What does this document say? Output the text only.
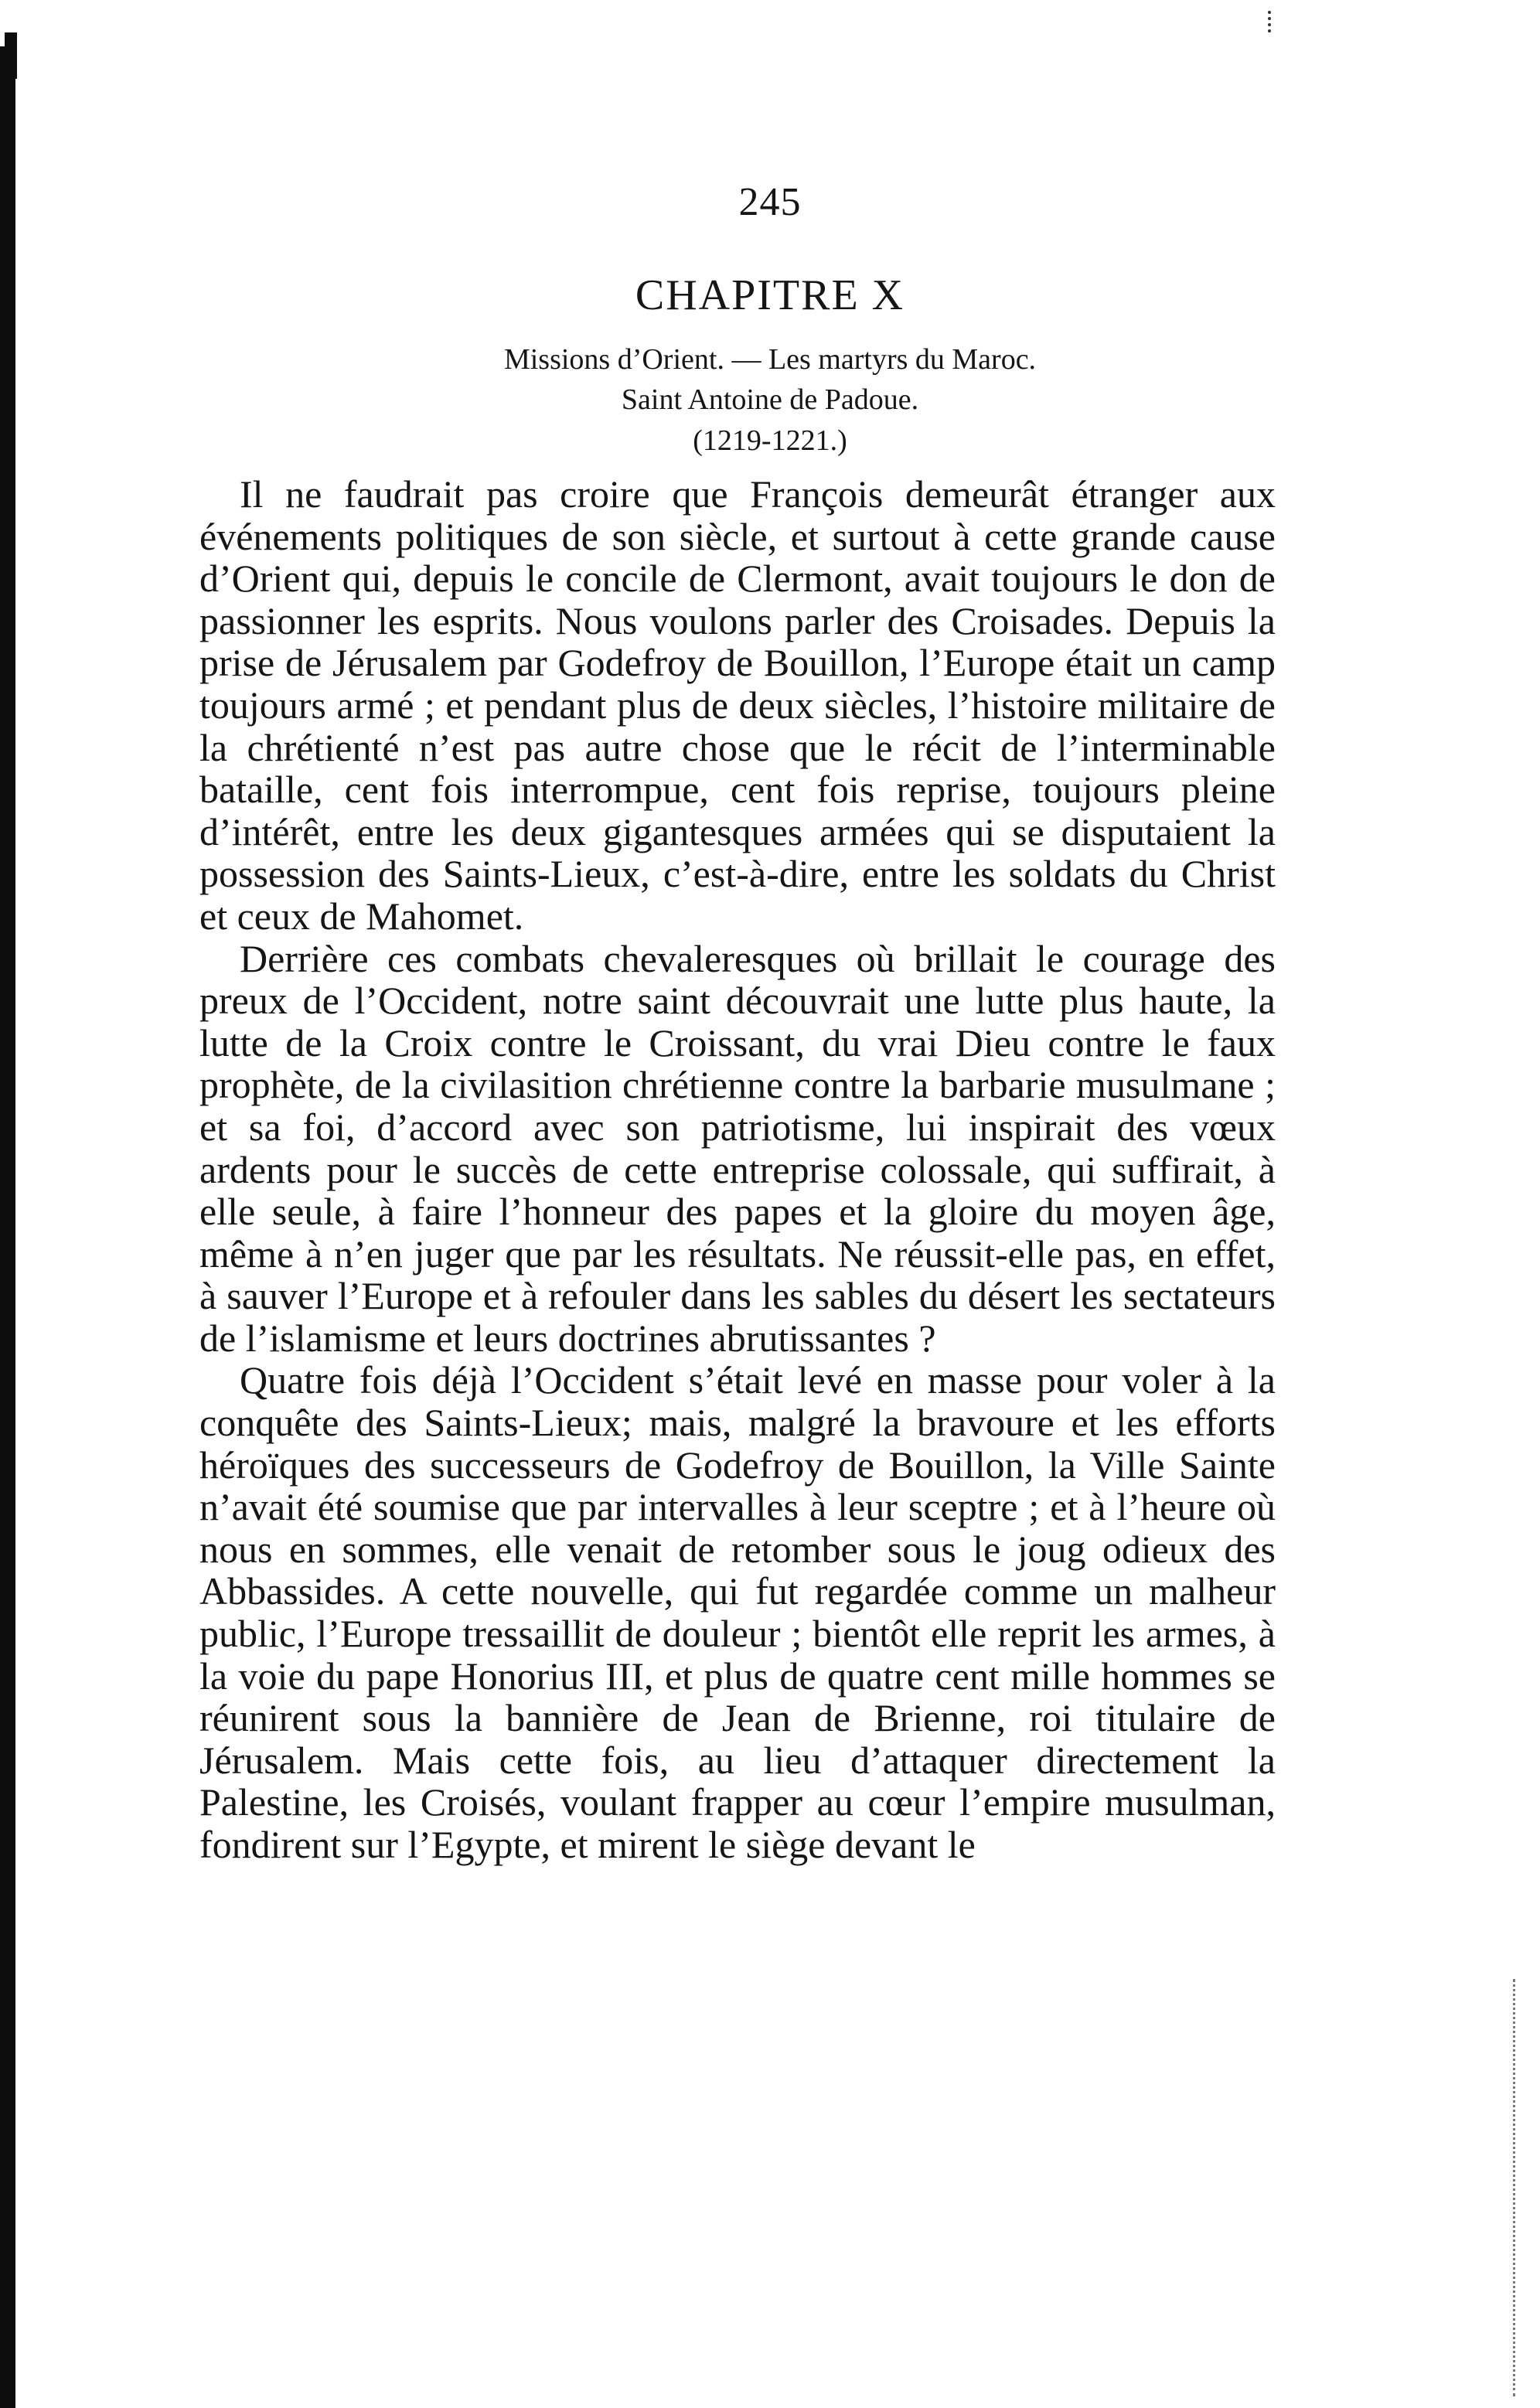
245
CHAPITRE X
Missions d’Orient. — Les martyrs du Maroc.
Saint Antoine de Padoue.
(1219-1221.)

Il ne faudrait pas croire que François demeurât étranger aux événements politiques de son siècle, et surtout à cette grande cause d’Orient qui, depuis le concile de Clermont, avait toujours le don de passionner les esprits. Nous voulons parler des Croisades. Depuis la prise de Jérusalem par Godefroy de Bouillon, l’Europe était un camp toujours armé ; et pendant plus de deux siècles, l’histoire militaire de la chrétienté n’est pas autre chose que le récit de l’interminable bataille, cent fois interrompue, cent fois reprise, toujours pleine d’intérêt, entre les deux gigantesques armées qui se disputaient la possession des Saints-Lieux, c’est-à-dire, entre les soldats du Christ et ceux de Mahomet.

Derrière ces combats chevaleresques où brillait le courage des preux de l’Occident, notre saint découvrait une lutte plus haute, la lutte de la Croix contre le Croissant, du vrai Dieu contre le faux prophète, de la civilasition chrétienne contre la barbarie musulmane ; et sa foi, d’accord avec son patriotisme, lui inspirait des vœux ardents pour le succès de cette entreprise colossale, qui suffirait, à elle seule, à faire l’honneur des papes et la gloire du moyen âge, même à n’en juger que par les résultats. Ne réussit-elle pas, en effet, à sauver l’Europe et à refouler dans les sables du désert les sectateurs de l’islamisme et leurs doctrines abrutissantes ?

Quatre fois déjà l’Occident s’était levé en masse pour voler à la conquête des Saints-Lieux; mais, malgré la bravoure et les efforts héroïques des successeurs de Godefroy de Bouillon, la Ville Sainte n’avait été soumise que par intervalles à leur sceptre ; et à l’heure où nous en sommes, elle venait de retomber sous le joug odieux des Abbassides. A cette nouvelle, qui fut regardée comme un malheur public, l’Europe tressaillit de douleur ; bientôt elle reprit les armes, à la voie du pape Honorius III, et plus de quatre cent mille hommes se réunirent sous la bannière de Jean de Brienne, roi titulaire de Jérusalem. Mais cette fois, au lieu d’attaquer directement la Palestine, les Croisés, voulant frapper au cœur l’empire musulman, fondirent sur l’Egypte, et mirent le siège devant le
